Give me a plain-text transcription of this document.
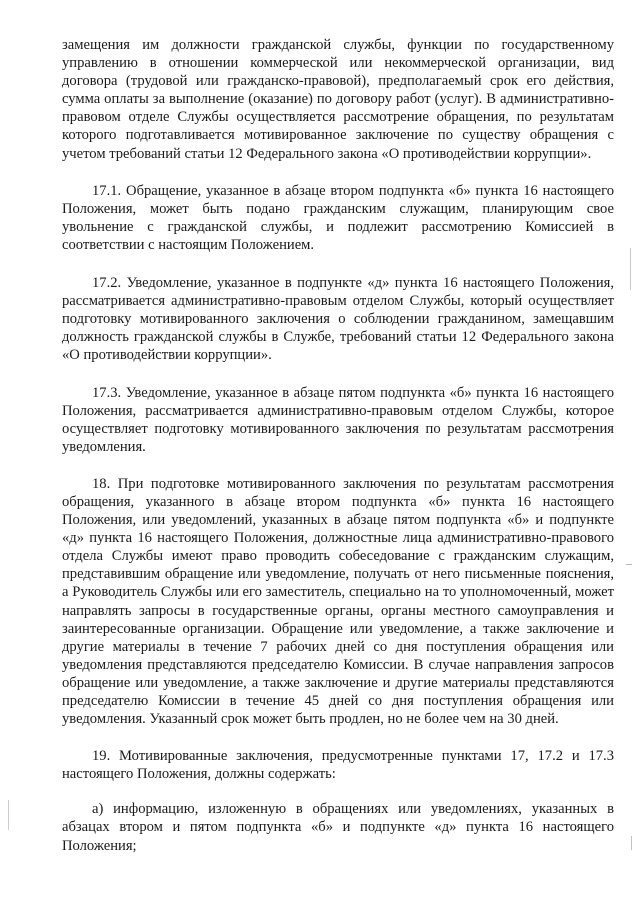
замещения им должности гражданской службы, функции по государственному управлению в отношении коммерческой или некоммерческой организации, вид договора (трудовой или гражданско-правовой), предполагаемый срок его действия, сумма оплаты за выполнение (оказание) по договору работ (услуг). В административно-правовом отделе Службы осуществляется рассмотрение обращения, по результатам которого подготавливается мотивированное заключение по существу обращения с учетом требований статьи 12 Федерального закона «О противодействии коррупции».

17.1. Обращение, указанное в абзаце втором подпункта «б» пункта 16 настоящего Положения, может быть подано гражданским служащим, планирующим свое увольнение с гражданской службы, и подлежит рассмотрению Комиссией в соответствии с настоящим Положением.

17.2. Уведомление, указанное в подпункте «д» пункта 16 настоящего Положения, рассматривается административно-правовым отделом Службы, который осуществляет подготовку мотивированного заключения о соблюдении гражданином, замещавшим должность гражданской службы в Службе, требований статьи 12 Федерального закона «О противодействии коррупции».

17.3. Уведомление, указанное в абзаце пятом подпункта «б» пункта 16 настоящего Положения, рассматривается административно-правовым отделом Службы, которое осуществляет подготовку мотивированного заключения по результатам рассмотрения уведомления.

18. При подготовке мотивированного заключения по результатам рассмотрения обращения, указанного в абзаце втором подпункта «б» пункта 16 настоящего Положения, или уведомлений, указанных в абзаце пятом подпункта «б» и подпункте «д» пункта 16 настоящего Положения, должностные лица административно-правового отдела Службы имеют право проводить собеседование с гражданским служащим, представившим обращение или уведомление, получать от него письменные пояснения, а Руководитель Службы или его заместитель, специально на то уполномоченный, может направлять запросы в государственные органы, органы местного самоуправления и заинтересованные организации. Обращение или уведомление, а также заключение и другие материалы в течение 7 рабочих дней со дня поступления обращения или уведомления представляются председателю Комиссии. В случае направления запросов обращение или уведомление, а также заключение и другие материалы представляются председателю Комиссии в течение 45 дней со дня поступления обращения или уведомления. Указанный срок может быть продлен, но не более чем на 30 дней.

19. Мотивированные заключения, предусмотренные пунктами 17, 17.2 и 17.3 настоящего Положения, должны содержать:

а) информацию, изложенную в обращениях или уведомлениях, указанных в абзацах втором и пятом подпункта «б» и подпункте «д» пункта 16 настоящего Положения;
